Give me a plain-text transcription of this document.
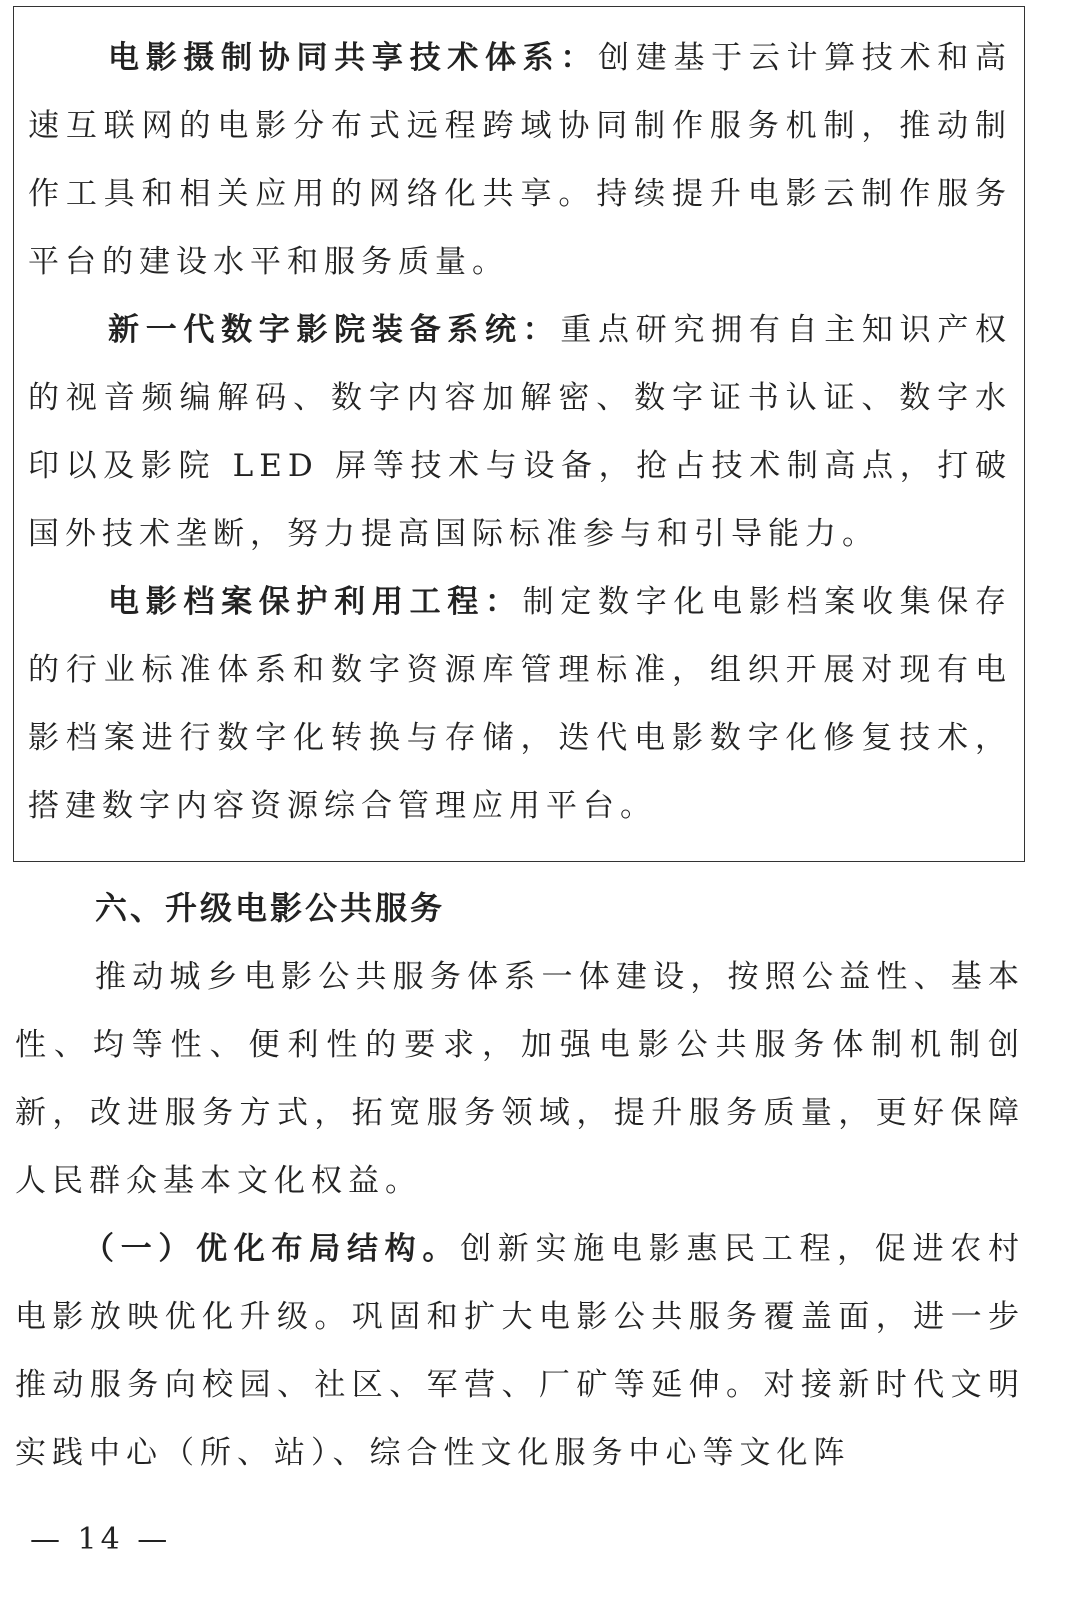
电影摄制协同共享技术体系：创建基于云计算技术和高速互联网的电影分布式远程跨域协同制作服务机制，推动制作工具和相关应用的网络化共享。持续提升电影云制作服务平台的建设水平和服务质量。

新一代数字影院装备系统：重点研究拥有自主知识产权的视音频编解码、数字内容加解密、数字证书认证、数字水印以及影院 LED 屏等技术与设备，抢占技术制高点，打破国外技术垄断，努力提高国际标准参与和引导能力。

电影档案保护利用工程：制定数字化电影档案收集保存的行业标准体系和数字资源库管理标准，组织开展对现有电影档案进行数字化转换与存储，迭代电影数字化修复技术，搭建数字内容资源综合管理应用平台。

六、升级电影公共服务

推动城乡电影公共服务体系一体建设，按照公益性、基本性、均等性、便利性的要求，加强电影公共服务体制机制创新，改进服务方式，拓宽服务领域，提升服务质量，更好保障人民群众基本文化权益。

（一）优化布局结构。创新实施电影惠民工程，促进农村电影放映优化升级。巩固和扩大电影公共服务覆盖面，进一步推动服务向校园、社区、军营、厂矿等延伸。对接新时代文明实践中心（所、站）、综合性文化服务中心等文化阵

— 14 —
